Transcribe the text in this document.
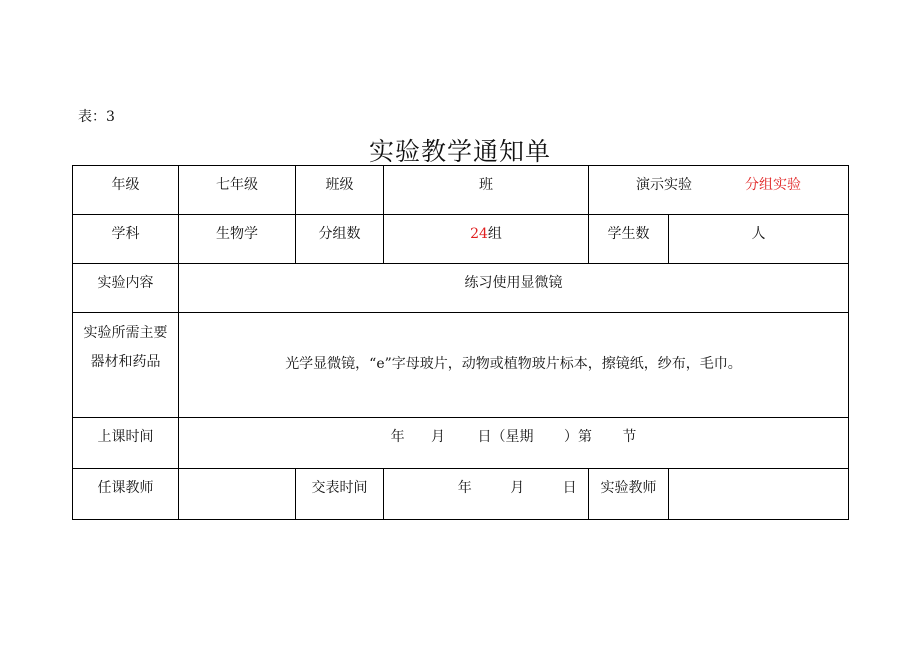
表：3
实验教学通知单
年级	七年级	班级	班	演示实验 分组实验	

学科	生物学	分组数	24组	学生数	人

实验内容	练习使用显微镜				

实验所需主要
器材和药品	光学显微镜，“e”字母玻片，动物或植物玻片标本，擦镜纸，纱布，毛巾。				

上课时间	年 月 日（星期 ）第 节				

任课教师		交表时间	年 月 日	实验教师	
